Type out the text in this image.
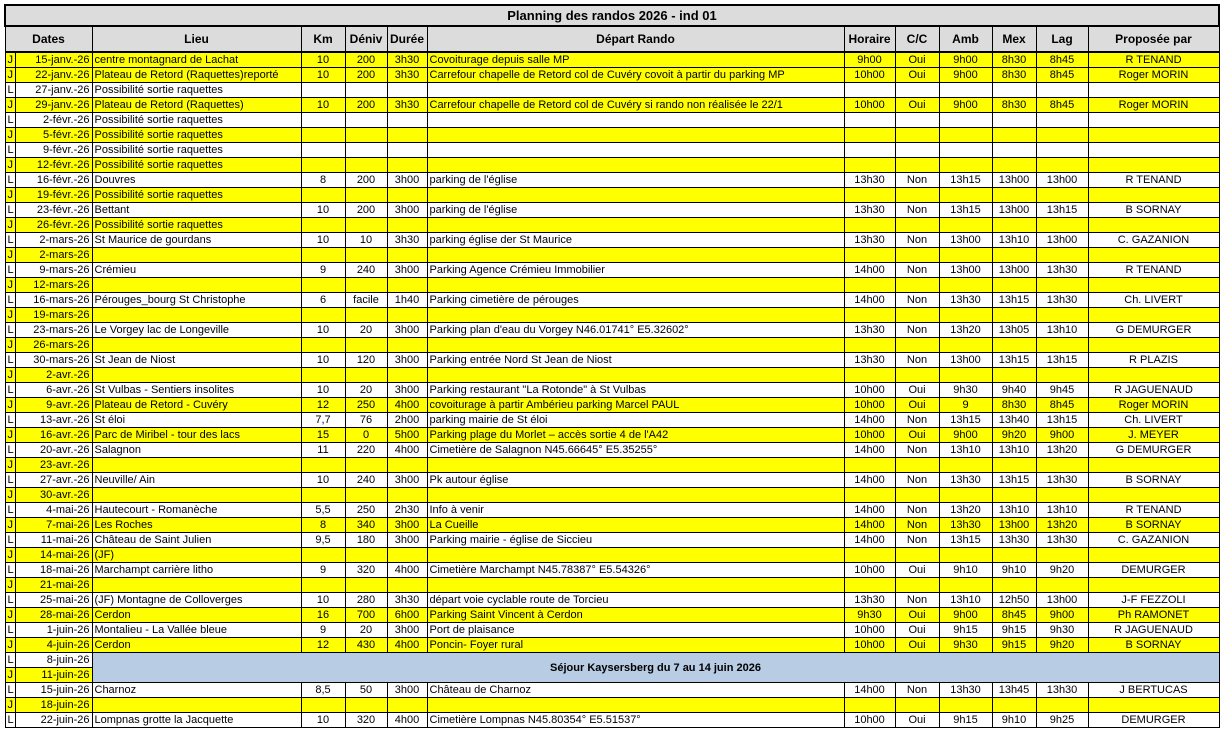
Planning des randos 2026 - ind 01												
Dates		Lieu	Km	Déniv	Durée	Départ Rando	Horaire	C/C	Amb	Mex	Lag	Proposée par
J	15-janv.-26	centre montagnard de Lachat	10	200	3h30	Covoiturage depuis salle MP	9h00	Oui	9h00	8h30	8h45	R TENAND
J	22-janv.-26	Plateau de Retord (Raquettes)reporté	10	200	3h30	Carrefour chapelle de Retord col de Cuvéry covoit à partir du parking MP	10h00	Oui	9h00	8h30	8h45	Roger MORIN
L	27-janv.-26	Possibilité sortie raquettes										
J	29-janv.-26	Plateau de Retord (Raquettes)	10	200	3h30	Carrefour chapelle de Retord col de Cuvéry si rando non réalisée le 22/1	10h00	Oui	9h00	8h30	8h45	Roger MORIN
L	2-févr.-26	Possibilité sortie raquettes										
J	5-févr.-26	Possibilité sortie raquettes										
L	9-févr.-26	Possibilité sortie raquettes										
J	12-févr.-26	Possibilité sortie raquettes										
L	16-févr.-26	Douvres	8	200	3h00	parking de l'église	13h30	Non	13h15	13h00	13h00	R TENAND
J	19-févr.-26	Possibilité sortie raquettes										
L	23-févr.-26	Bettant	10	200	3h00	parking de l'église	13h30	Non	13h15	13h00	13h15	B SORNAY
J	26-févr.-26	Possibilité sortie raquettes										
L	2-mars-26	St Maurice de gourdans	10	10	3h30	parking église der St Maurice	13h30	Non	13h00	13h10	13h00	C. GAZANION
J	2-mars-26											
L	9-mars-26	Crémieu	9	240	3h00	Parking Agence Crémieu Immobilier	14h00	Non	13h00	13h00	13h30	R TENAND
J	12-mars-26											
L	16-mars-26	Pérouges_bourg St Christophe	6	facile	1h40	Parking cimetière de pérouges	14h00	Non	13h30	13h15	13h30	Ch. LIVERT
J	19-mars-26											
L	23-mars-26	Le Vorgey lac de Longeville	10	20	3h00	Parking plan d'eau du Vorgey N46.01741° E5.32602°	13h30	Non	13h20	13h05	13h10	G DEMURGER
J	26-mars-26											
L	30-mars-26	St Jean de Niost	10	120	3h00	Parking entrée Nord St Jean de Niost	13h30	Non	13h00	13h15	13h15	R PLAZIS
J	2-avr.-26											
L	6-avr.-26	St Vulbas - Sentiers insolites	10	20	3h00	Parking restaurant "La Rotonde" à St Vulbas	10h00	Oui	9h30	9h40	9h45	R JAGUENAUD
J	9-avr.-26	Plateau de Retord - Cuvéry	12	250	4h00	covoiturage à partir Ambérieu parking Marcel PAUL	10h00	Oui	9	8h30	8h45	Roger MORIN
L	13-avr.-26	St éloi	7,7	76	2h00	parking mairie de St éloi	14h00	Non	13h15	13h40	13h15	Ch. LIVERT
J	16-avr.-26	Parc de Miribel - tour des lacs	15	0	5h00	Parking plage du Morlet – accès sortie 4 de l'A42	10h00	Oui	9h00	9h20	9h00	J. MEYER
L	20-avr.-26	Salagnon	11	220	4h00	Cimetière de Salagnon N45.66645° E5.35255°	14h00	Non	13h10	13h10	13h20	G DEMURGER
J	23-avr.-26											
L	27-avr.-26	Neuville/ Ain	10	240	3h00	Pk autour église	14h00	Non	13h30	13h15	13h30	B SORNAY
J	30-avr.-26											
L	4-mai-26	Hautecourt - Romanèche	5,5	250	2h30	Info à venir	14h00	Non	13h20	13h10	13h10	R TENAND
J	7-mai-26	Les Roches	8	340	3h00	La Cueille	14h00	Non	13h30	13h00	13h20	B SORNAY
L	11-mai-26	Château de Saint Julien	9,5	180	3h00	Parking mairie - église de Siccieu	14h00	Non	13h15	13h30	13h30	C. GAZANION
J	14-mai-26	(JF)										
L	18-mai-26	Marchampt carrière litho	9	320	4h00	Cimetière Marchampt N45.78387° E5.54326°	10h00	Oui	9h10	9h10	9h20	DEMURGER
J	21-mai-26											
L	25-mai-26	(JF) Montagne de Colloverges	10	280	3h30	départ voie cyclable route de Torcieu	13h30	Non	13h10	12h50	13h00	J-F FEZZOLI
J	28-mai-26	Cerdon	16	700	6h00	Parking Saint Vincent à Cerdon	9h30	Oui	9h00	8h45	9h00	Ph RAMONET
L	1-juin-26	Montalieu - La Vallée bleue	9	20	3h00	Port de plaisance	10h00	Oui	9h15	9h15	9h30	R JAGUENAUD
J	4-juin-26	Cerdon	12	430	4h00	Poncin- Foyer rural	10h00	Oui	9h30	9h15	9h20	B SORNAY
L	8-juin-26	Séjour Kaysersberg du 7 au 14 juin 2026										
J	11-juin-26											
L	15-juin-26	Charnoz	8,5	50	3h00	Château de Charnoz	14h00	Non	13h30	13h45	13h30	J BERTUCAS
J	18-juin-26											
L	22-juin-26	Lompnas grotte la Jacquette	10	320	4h00	Cimetière Lompnas N45.80354° E5.51537°	10h00	Oui	9h15	9h10	9h25	DEMURGER
